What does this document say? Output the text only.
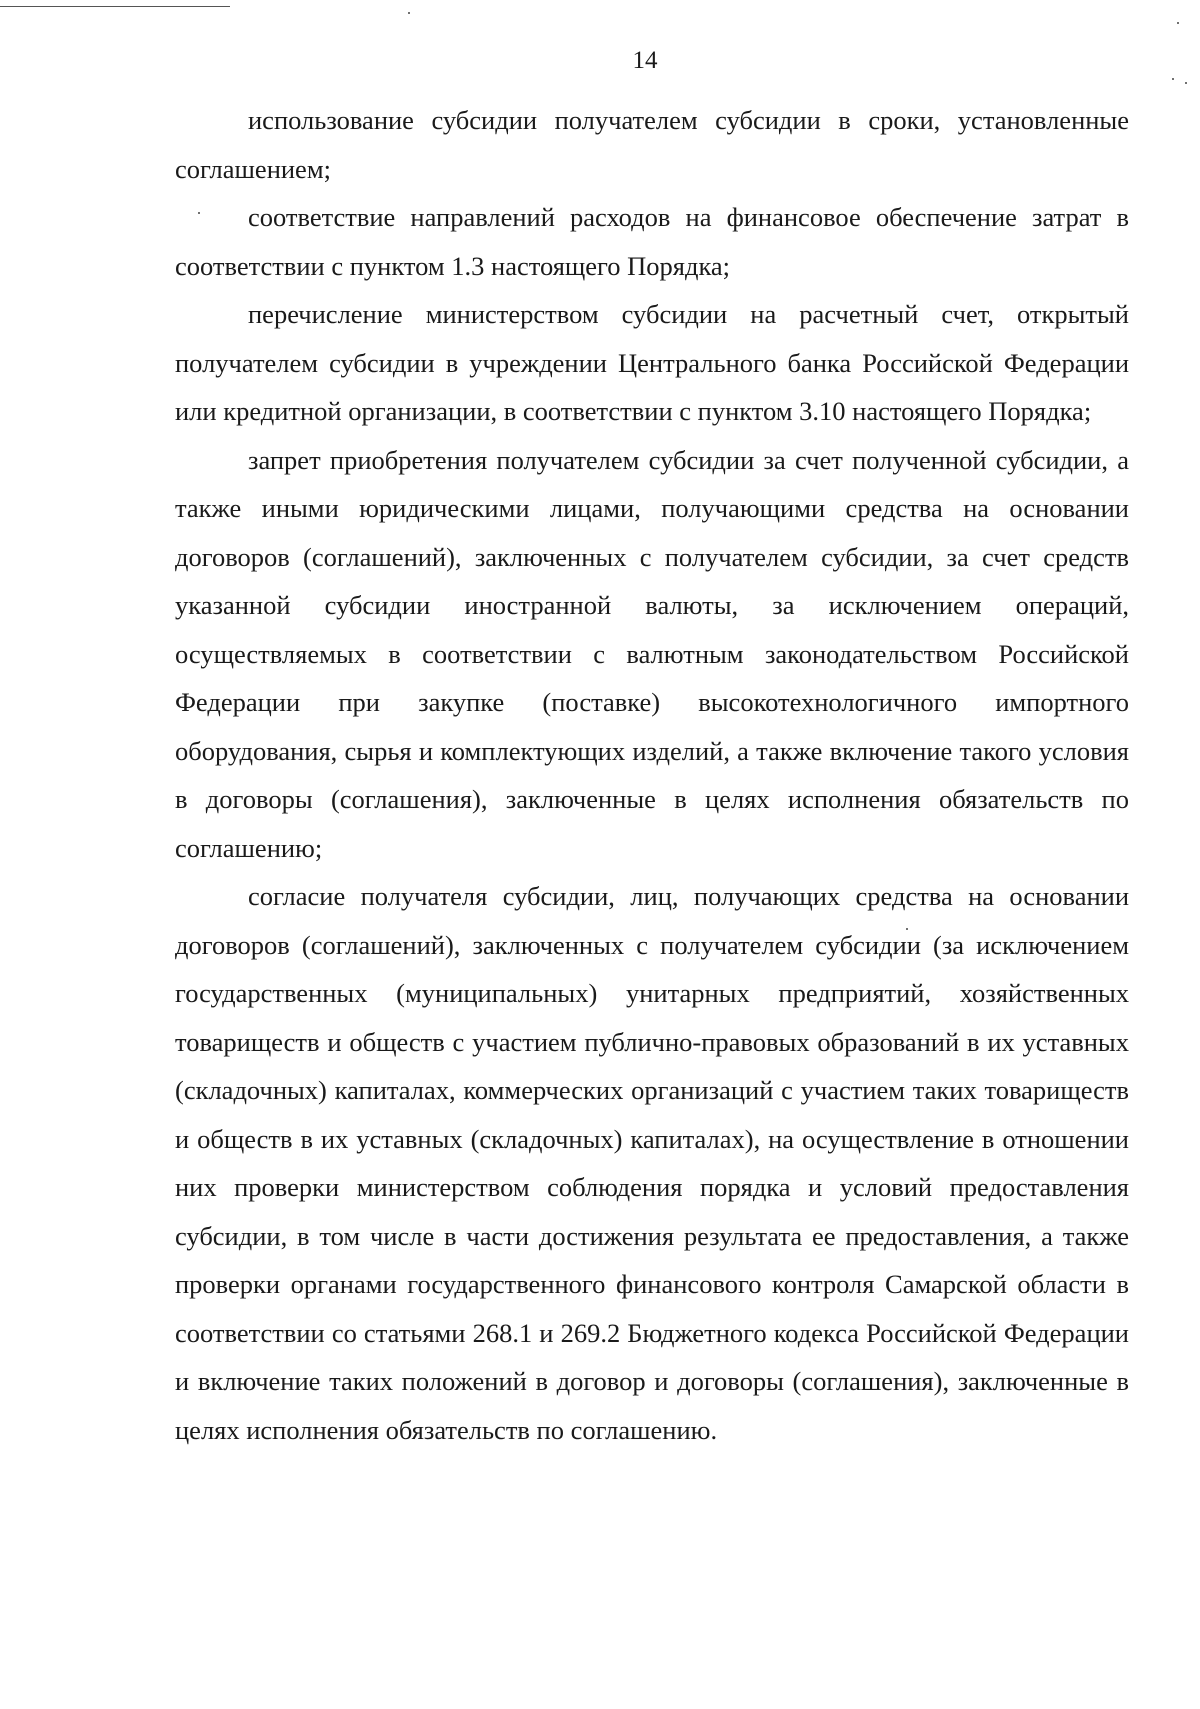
14

использование субсидии получателем субсидии в сроки, установленные соглашением;

соответствие направлений расходов на финансовое обеспечение затрат в соответствии с пунктом 1.3 настоящего Порядка;

перечисление министерством субсидии на расчетный счет, открытый получателем субсидии в учреждении Центрального банка Российской Федерации или кредитной организации, в соответствии с пунктом 3.10 настоящего Порядка;

запрет приобретения получателем субсидии за счет полученной субсидии, а также иными юридическими лицами, получающими средства на основании договоров (соглашений), заключенных с получателем субсидии, за счет средств указанной субсидии иностранной валюты, за исключением операций, осуществляемых в соответствии с валютным законодательством Российской Федерации при закупке (поставке) высокотехнологичного импортного оборудования, сырья и комплектующих изделий, а также включение такого условия в договоры (соглашения), заключенные в целях исполнения обязательств по соглашению;

согласие получателя субсидии, лиц, получающих средства на основании договоров (соглашений), заключенных с получателем субсидии (за исключением государственных (муниципальных) унитарных предприятий, хозяйственных товариществ и обществ с участием публично-правовых образований в их уставных (складочных) капиталах, коммерческих организаций с участием таких товариществ и обществ в их уставных (складочных) капиталах), на осуществление в отношении них проверки министерством соблюдения порядка и условий предоставления субсидии, в том числе в части достижения результата ее предоставления, а также проверки органами государственного финансового контроля Самарской области в соответствии со статьями 268.1 и 269.2 Бюджетного кодекса Российской Федерации и включение таких положений в договор и договоры (соглашения), заключенные в целях исполнения обязательств по соглашению.
